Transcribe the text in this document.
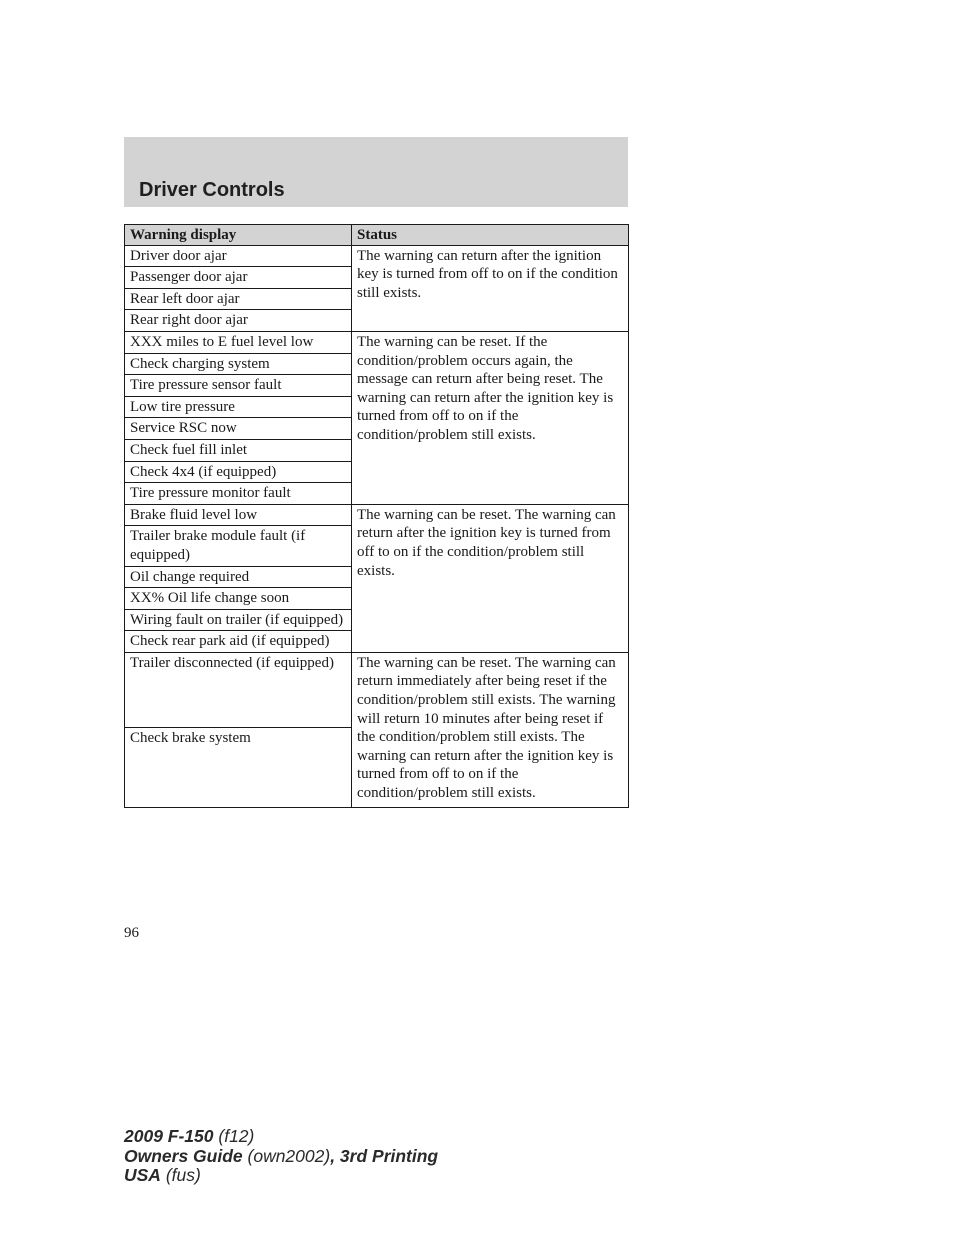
Driver Controls
Warning display	Status
Driver door ajar	The warning can return after the ignition key is turned from off to on if the condition still exists.
Passenger door ajar	
Rear left door ajar	
Rear right door ajar	
XXX miles to E fuel level low	The warning can be reset. If the condition/problem occurs again, the message can return after being reset. The warning can return after the ignition key is turned from off to on if the condition/problem still exists.
Check charging system	
Tire pressure sensor fault	
Low tire pressure	
Service RSC now	
Check fuel fill inlet	
Check 4x4 (if equipped)	
Tire pressure monitor fault	
Brake fluid level low	The warning can be reset. The warning can return after the ignition key is turned from off to on if the condition/problem still exists.
Trailer brake module fault (if equipped)	
Oil change required	
XX% Oil life change soon	
Wiring fault on trailer (if equipped)	
Check rear park aid (if equipped)	
Trailer disconnected (if equipped)	The warning can be reset. The warning can return immediately after being reset if the condition/problem still exists. The warning will return 10 minutes after being reset if the condition/problem still exists. The warning can return after the ignition key is turned from off to on if the condition/problem still exists.
Check brake system	
96
2009 F-150 (f12)
Owners Guide (own2002), 3rd Printing
USA (fus)
